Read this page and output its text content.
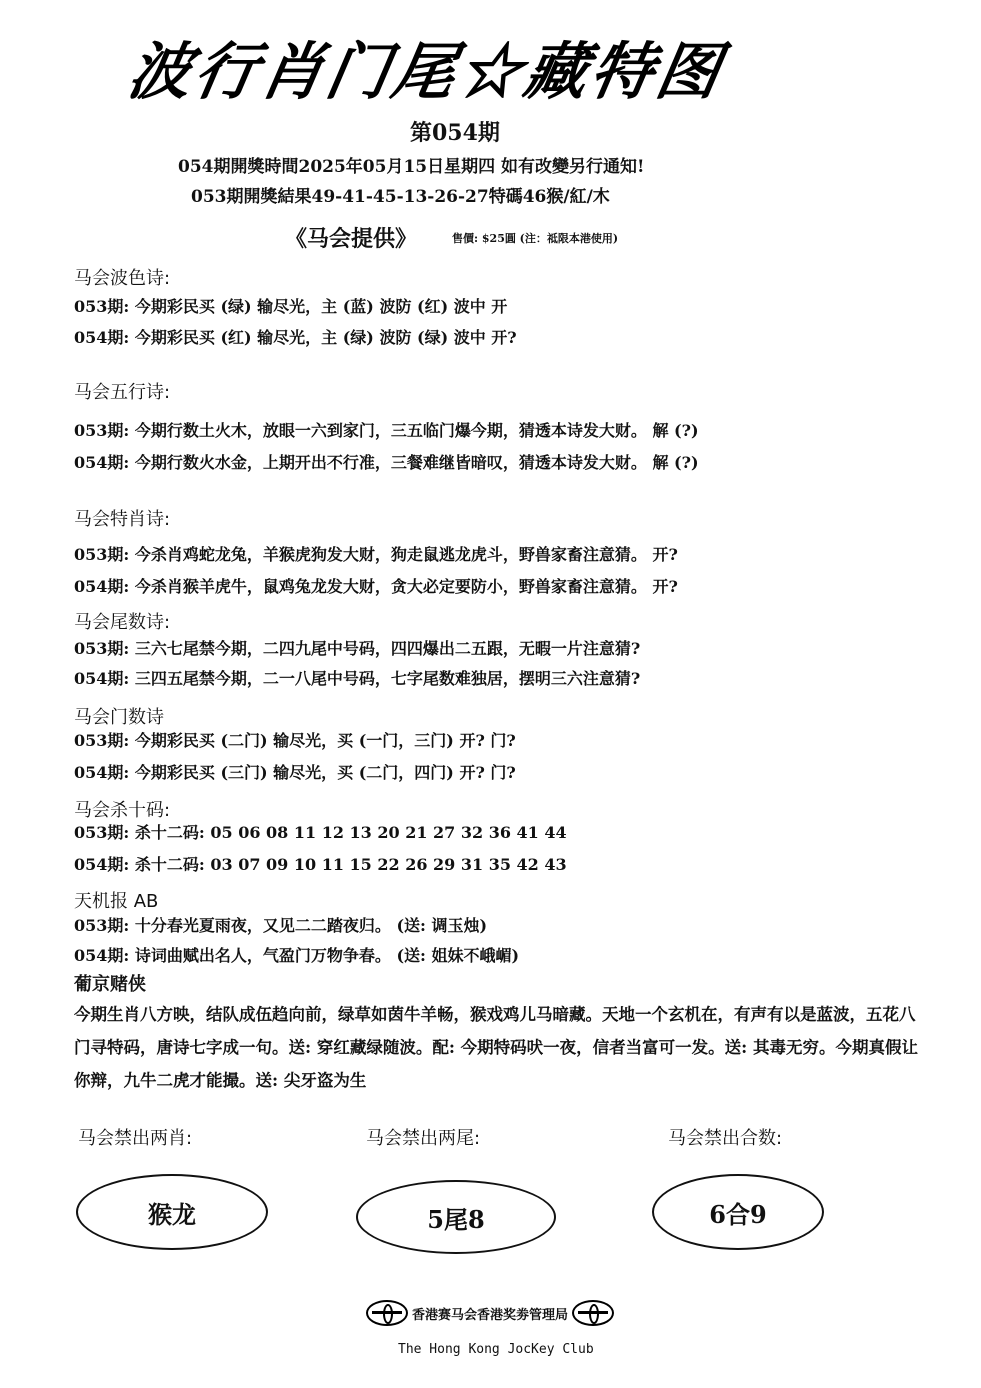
波行肖门尾☆藏特图
第054期
054期開獎時間2025年05月15日星期四 如有改變另行通知!
053期開獎結果49-41-45-13-26-27特碼46猴/紅/木
《马会提供》	售價: $25圓 (注：祗限本港使用)
马会波色诗:
053期: 今期彩民买 (绿) 输尽光，主 (蓝) 波防 (红) 波中 开
054期: 今期彩民买 (红) 输尽光，主 (绿) 波防 (绿) 波中 开?
马会五行诗:
053期: 今期行数土火木，放眼一六到家门，三五临门爆今期，猜透本诗发大财。 解 (?)
054期: 今期行数火水金，上期开出不行准，三餐难继皆暗叹，猜透本诗发大财。 解 (?)
马会特肖诗:
053期: 今杀肖鸡蛇龙兔，羊猴虎狗发大财，狗走鼠逃龙虎斗，野兽家畜注意猜。 开?
054期: 今杀肖猴羊虎牛，鼠鸡兔龙发大财，贪大必定要防小，野兽家畜注意猜。 开?
马会尾数诗:
053期: 三六七尾禁今期，二四九尾中号码，四四爆出二五跟，无暇一片注意猜?
054期: 三四五尾禁今期，二一八尾中号码，七字尾数难独居，摆明三六注意猜?
马会门数诗
053期: 今期彩民买 (二门) 输尽光，买 (一门，三门) 开? 门?
054期: 今期彩民买 (三门) 输尽光，买 (二门，四门) 开? 门?
马会杀十码:
053期: 杀十二码: 05 06 08 11 12 13 20 21 27 32 36 41 44
054期: 杀十二码: 03 07 09 10 11 15 22 26 29 31 35 42 43
天机报 AB
053期: 十分春光夏雨夜，又见二二踏夜归。 (送: 调玉烛)
054期: 诗词曲赋出名人，气盈门万物争春。 (送: 姐妹不峨嵋)
葡京赌侠
今期生肖八方映，结队成伍趋向前，绿草如茵牛羊畅，猴戏鸡儿马暗藏。天地一个玄机在，有声有以是蓝波，五花八门寻特码，唐诗七字成一句。送: 穿红藏绿随波。配: 今期特码吠一夜，信者当富可一发。送: 其毒无穷。今期真假让你辩，九牛二虎才能撮。送: 尖牙盗为生
马会禁出两肖:	马会禁出两尾:	马会禁出合数:
猴龙	5尾8	6合9
香港赛马会香港奖劵管理局
The Hong Kong JocKey Club
